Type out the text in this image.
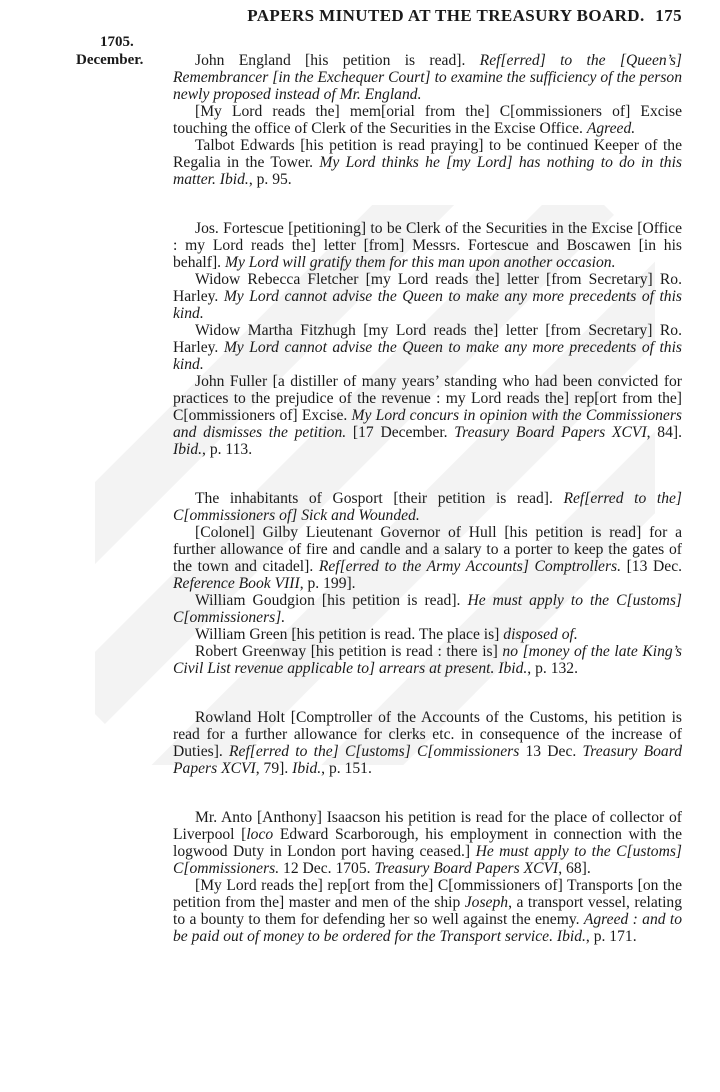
PAPERS MINUTED AT THE TREASURY BOARD. 175
1705.
December.	John England [his petition is read]. Ref[erred] to the [Queen’s] Remembrancer [in the Exchequer Court] to examine the sufficiency of the person newly proposed instead of Mr. England.

[My Lord reads the] mem[orial from the] C[ommissioners of] Excise touching the office of Clerk of the Securities in the Excise Office. Agreed.

Talbot Edwards [his petition is read praying] to be continued Keeper of the Regalia in the Tower. My Lord thinks he [my Lord] has nothing to do in this matter. Ibid., p. 95.

Jos. Fortescue [petitioning] to be Clerk of the Securities in the Excise [Office : my Lord reads the] letter [from] Messrs. Fortescue and Boscawen [in his behalf]. My Lord will gratify them for this man upon another occasion.

Widow Rebecca Fletcher [my Lord reads the] letter [from Secretary] Ro. Harley. My Lord cannot advise the Queen to make any more precedents of this kind.

Widow Martha Fitzhugh [my Lord reads the] letter [from Secretary] Ro. Harley. My Lord cannot advise the Queen to make any more precedents of this kind.

John Fuller [a distiller of many years’ standing who had been convicted for practices to the prejudice of the revenue : my Lord reads the] rep[ort from the] C[ommissioners of] Excise. My Lord concurs in opinion with the Commissioners and dismisses the petition. [17 December. Treasury Board Papers XCVI, 84]. Ibid., p. 113.

The inhabitants of Gosport [their petition is read]. Ref[erred to the] C[ommissioners of] Sick and Wounded.

[Colonel] Gilby Lieutenant Governor of Hull [his petition is read] for a further allowance of fire and candle and a salary to a porter to keep the gates of the town and citadel]. Ref[erred to the Army Accounts] Comptrollers. [13 Dec. Reference Book VIII, p. 199].

William Goudgion [his petition is read]. He must apply to the C[ustoms] C[ommissioners].

William Green [his petition is read. The place is] disposed of.

Robert Greenway [his petition is read : there is] no [money of the late King’s Civil List revenue applicable to] arrears at present. Ibid., p. 132.

Rowland Holt [Comptroller of the Accounts of the Customs, his petition is read for a further allowance for clerks etc. in consequence of the increase of Duties]. Ref[erred to the] C[ustoms] C[ommissioners 13 Dec. Treasury Board Papers XCVI, 79]. Ibid., p. 151.

Mr. Anto [Anthony] Isaacson his petition is read for the place of collector of Liverpool [loco Edward Scarborough, his employment in connection with the logwood Duty in London port having ceased.] He must apply to the C[ustoms] C[ommissioners. 12 Dec. 1705. Treasury Board Papers XCVI, 68].

[My Lord reads the] rep[ort from the] C[ommissioners of] Transports [on the petition from the] master and men of the ship Joseph, a transport vessel, relating to a bounty to them for defending her so well against the enemy. Agreed : and to be paid out of money to be ordered for the Transport service. Ibid., p. 171.
